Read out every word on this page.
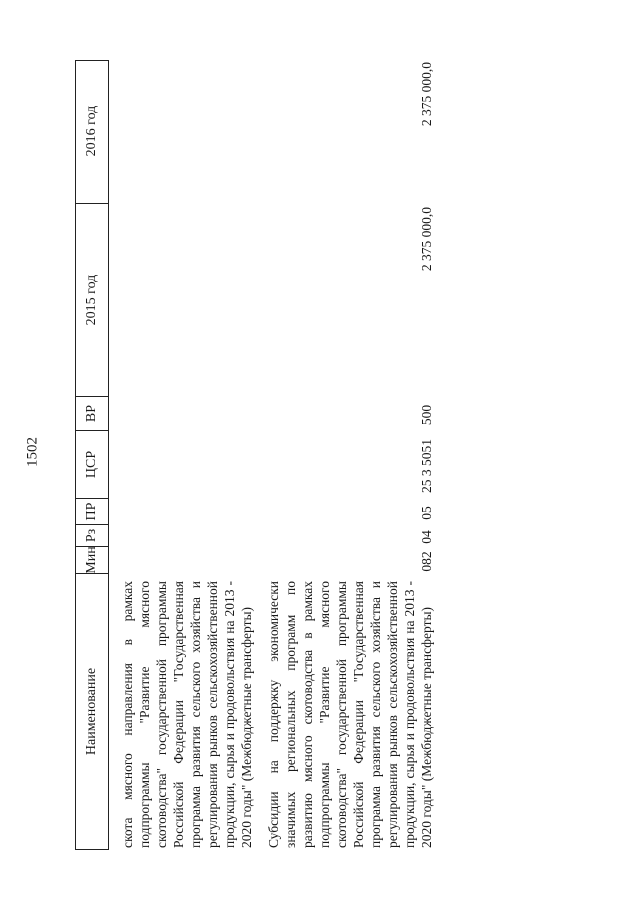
1502
Наименование
Мин
Рз
ПР
ЦСР
ВР
2015 год
2016 год
скота мясного направления в рамках подпрограммы "Развитие мясного скотоводства" государственной программы Российской Федерации "Государственная программа развития сельского хозяйства и регулирования рынков сельскохозяйственной продукции, сырья и продовольствия на 2013 - 2020 годы" (Межбюджетные трансферты) Субсидии на поддержку экономически значимых региональных программ по развитию мясного скотоводства в рамках подпрограммы "Развитие мясного скотоводства" государственной программы Российской Федерации "Государственная программа развития сельского хозяйства и регулирования рынков сельскохозяйственной продукции, сырья и продовольствия на 2013 - 2020 годы" (Межбюджетные трансферты)
082
04
05
25 3 5051
500
2 375 000,0
2 375 000,0
